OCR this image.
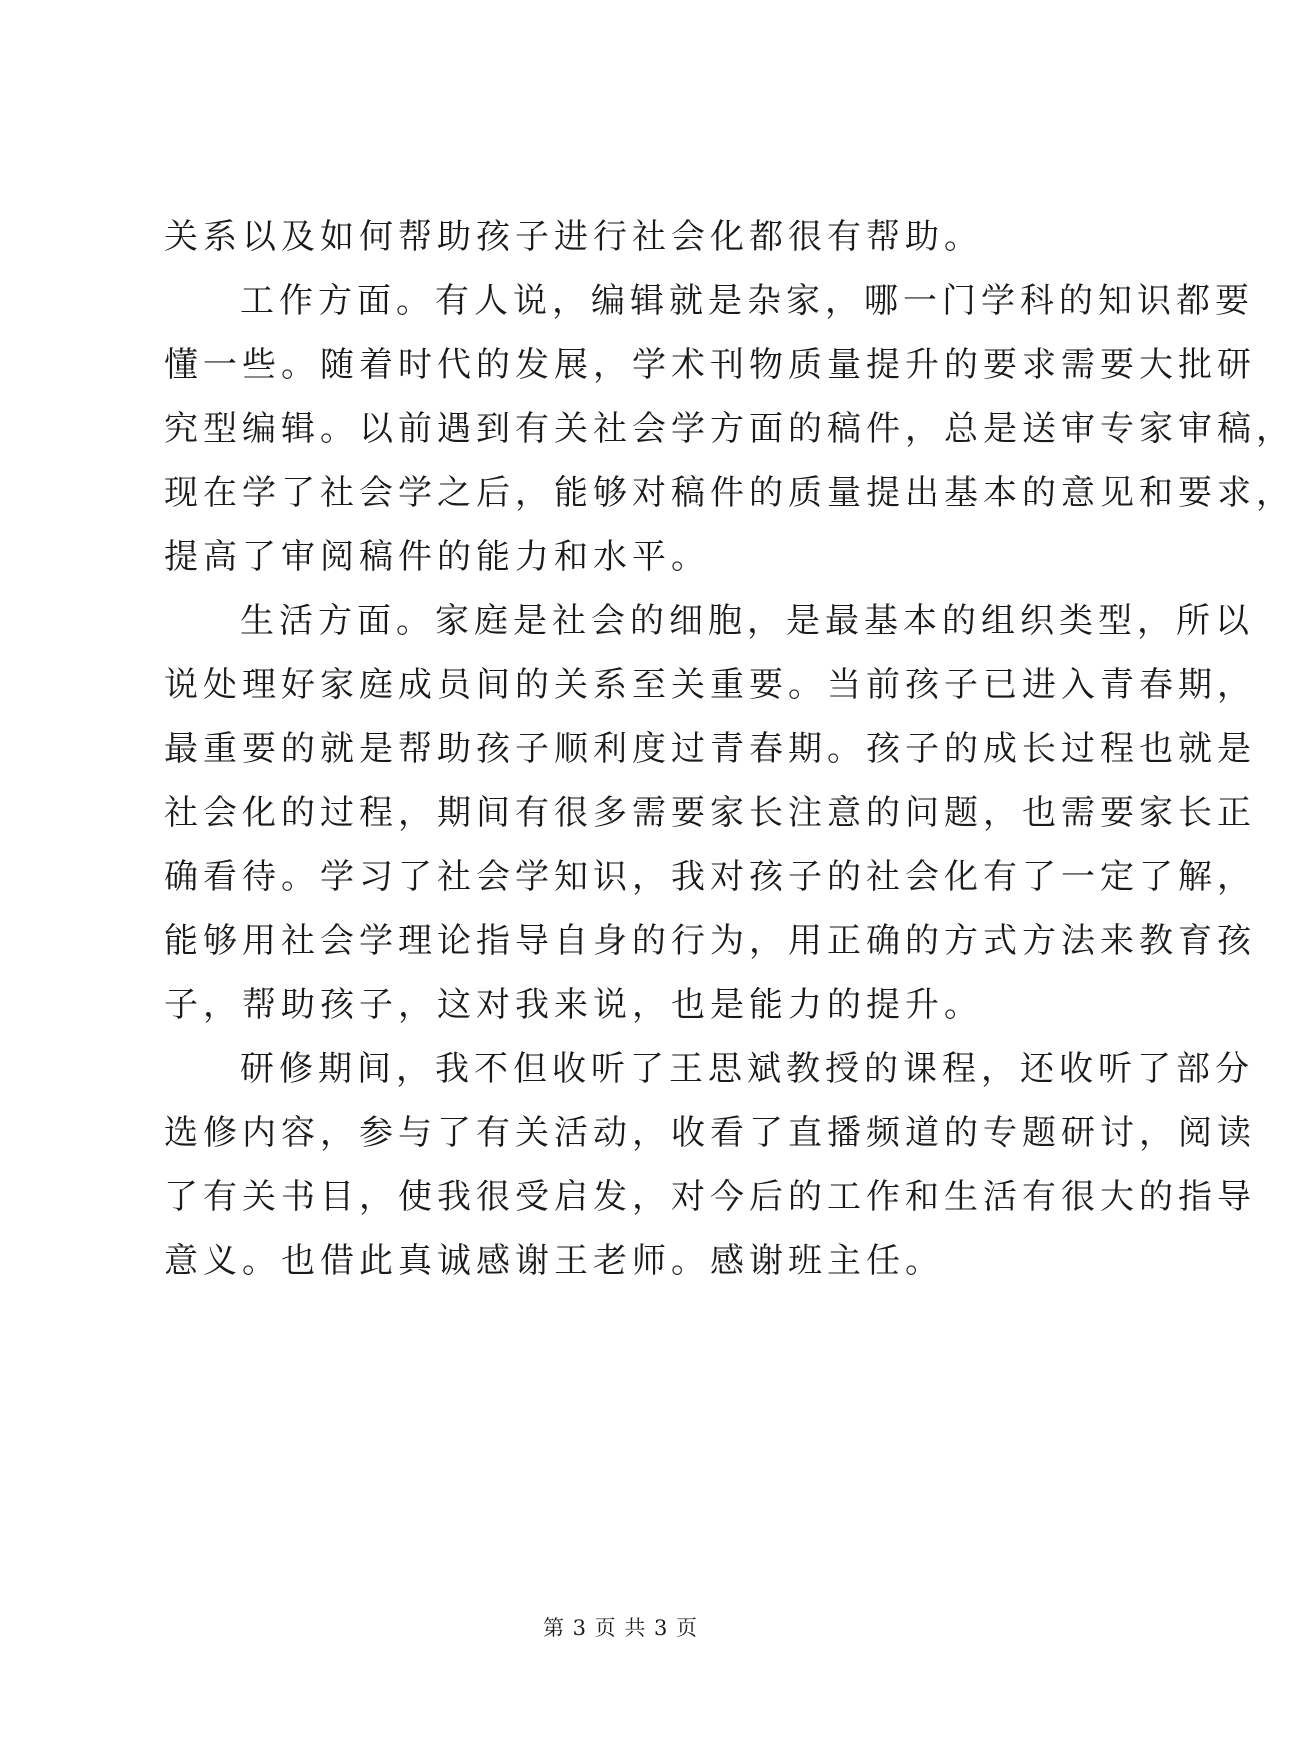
关系以及如何帮助孩子进行社会化都很有帮助。
工作方面。有人说，编辑就是杂家，哪一门学科的知识都要
懂一些。随着时代的发展，学术刊物质量提升的要求需要大批研
究型编辑。以前遇到有关社会学方面的稿件，总是送审专家审稿，
现在学了社会学之后，能够对稿件的质量提出基本的意见和要求，
提高了审阅稿件的能力和水平。
生活方面。家庭是社会的细胞，是最基本的组织类型，所以
说处理好家庭成员间的关系至关重要。当前孩子已进入青春期，
最重要的就是帮助孩子顺利度过青春期。孩子的成长过程也就是
社会化的过程，期间有很多需要家长注意的问题，也需要家长正
确看待。学习了社会学知识，我对孩子的社会化有了一定了解，
能够用社会学理论指导自身的行为，用正确的方式方法来教育孩
子，帮助孩子，这对我来说，也是能力的提升。
研修期间，我不但收听了王思斌教授的课程，还收听了部分
选修内容，参与了有关活动，收看了直播频道的专题研讨，阅读
了有关书目，使我很受启发，对今后的工作和生活有很大的指导
意义。也借此真诚感谢王老师。感谢班主任。
第 3 页 共 3 页
